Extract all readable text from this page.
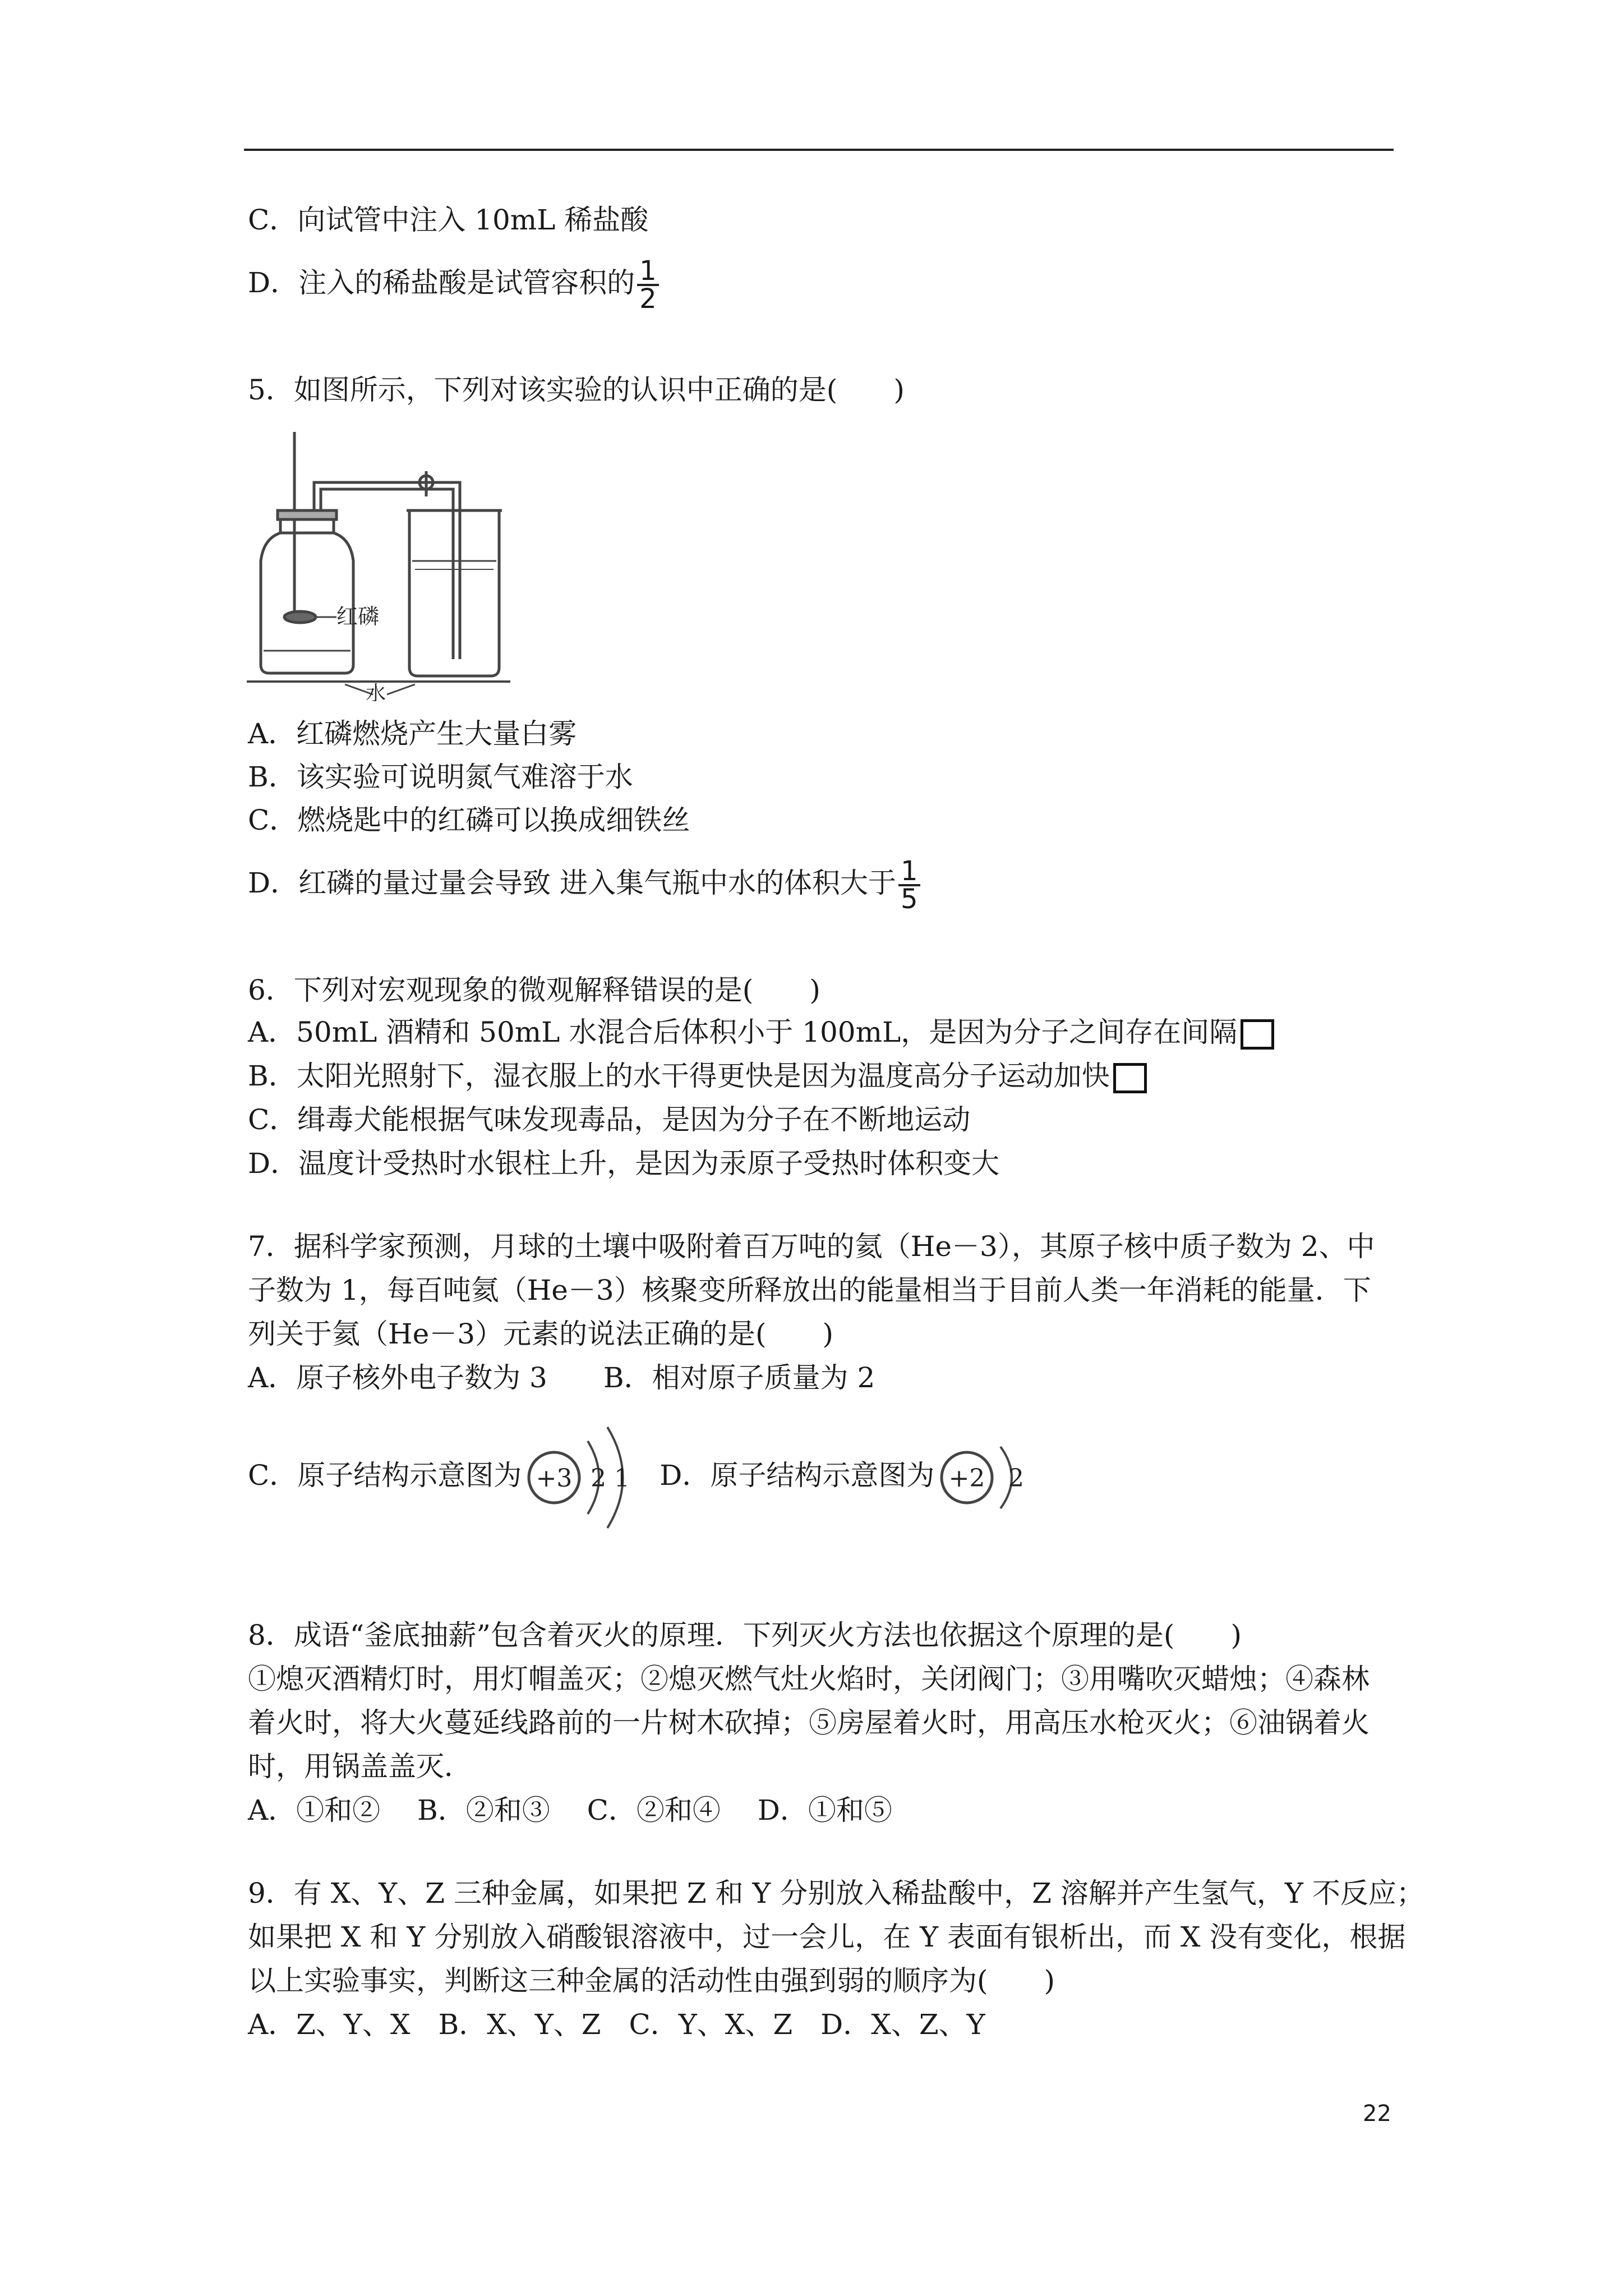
C．向试管中注入 10mL 稀盐酸
D．注入的稀盐酸是试管容积的 $\frac{1}{2}$
5．如图所示，下列对该实验的认识中正确的是(　　)
红磷
水
A．红磷燃烧产生大量白雾
B．该实验可说明氮气难溶于水
C．燃烧匙中的红磷可以换成细铁丝
D．红磷的量过量会导致 进入集气瓶中水的体积大于 $\frac{1}{5}$
6．下列对宏观现象的微观解释错误的是(　　)
A．50mL 酒精和 50mL 水混合后体积小于 100mL，是因为分子之间存在间隔
B．太阳光照射下，湿衣服上的水干得更快是因为温度高分子运动加快
C．缉毒犬能根据气味发现毒品，是因为分子在不断地运动
D．温度计受热时水银柱上升，是因为汞原子受热时体积变大
7．据科学家预测，月球的土壤中吸附着百万吨的氦（He－3），其原子核中质子数为 2、中
子数为 1，每百吨氦（He－3）核聚变所释放出的能量相当于目前人类一年消耗的能量．下
列关于氦（He－3）元素的说法正确的是(　　)
A．原子核外电子数为 3　　B．相对原子质量为 2
C．原子结构示意图为 +3 2 1 D．原子结构示意图为 +2 2
8．成语“釜底抽薪”包含着灭火的原理．下列灭火方法也依据这个原理的是(　　)
①熄灭酒精灯时，用灯帽盖灭；②熄灭燃气灶火焰时，关闭阀门；③用嘴吹灭蜡烛；④森林
着火时，将大火蔓延线路前的一片树木砍掉；⑤房屋着火时，用高压水枪灭火；⑥油锅着火
时，用锅盖盖灭．
A．①和②　 B．②和③　 C．②和④　 D．①和⑤
9．有 X、Y、Z 三种金属，如果把 Z 和 Y 分别放入稀盐酸中，Z 溶解并产生氢气，Y 不反应；
如果把 X 和 Y 分别放入硝酸银溶液中，过一会儿，在 Y 表面有银析出，而 X 没有变化，根据
以上实验事实，判断这三种金属的活动性由强到弱的顺序为(　　)
A．Z、Y、X　B．X、Y、Z　C．Y、X、Z　D．X、Z、Y
22
